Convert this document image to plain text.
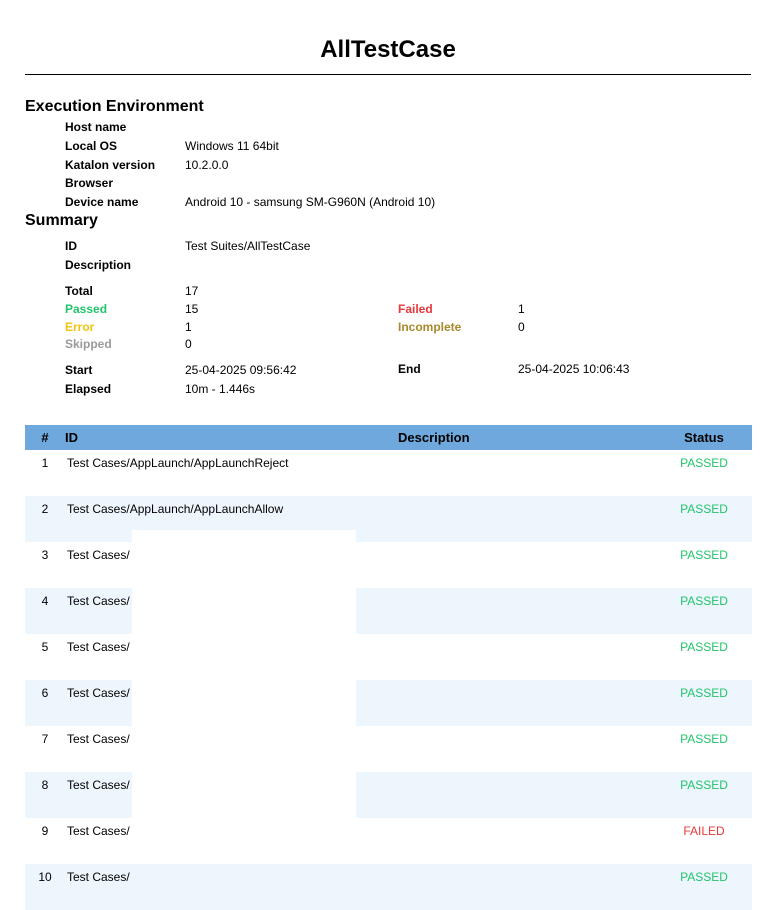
AllTestCase
Execution Environment
Host name
Local OS	Windows 11 64bit
Katalon version 10.2.0.0
Browser
Device name	Android 10 - samsung SM-G960N (Android 10)
Summary
ID	Test Suites/AllTestCase
Description
Total	17
Passed	15	Failed	1
Error	1	Incomplete	0
Skipped	0
Start	25-04-2025 09:56:42	End	25-04-2025 10:06:43
Elapsed	10m - 1.446s
#	ID	Description	Status
1	Test Cases/AppLaunch/AppLaunchReject		PASSED
2	Test Cases/AppLaunch/AppLaunchAllow		PASSED
3	Test Cases/		PASSED
4	Test Cases/		PASSED
5	Test Cases/		PASSED
6	Test Cases/		PASSED
7	Test Cases/		PASSED
8	Test Cases/		PASSED
9	Test Cases/		FAILED
10	Test Cases/		PASSED
